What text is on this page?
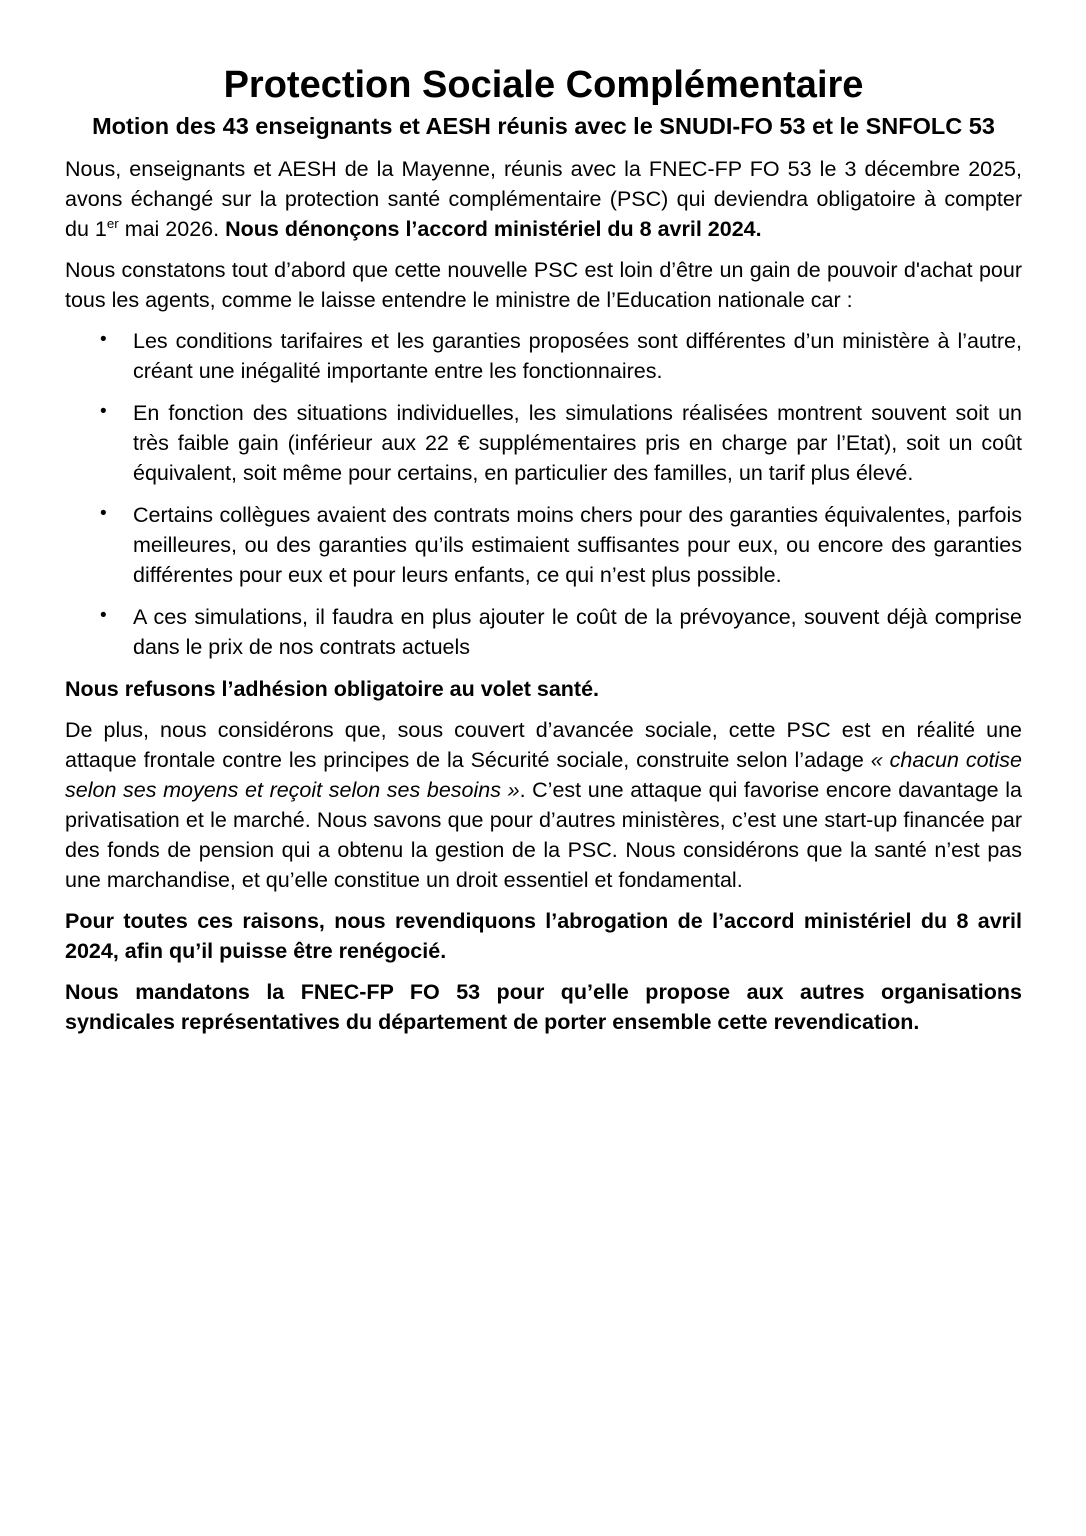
Protection Sociale Complémentaire
Motion des 43 enseignants et AESH réunis avec le SNUDI-FO 53 et le SNFOLC 53

Nous, enseignants et AESH de la Mayenne, réunis avec la FNEC-FP FO 53 le 3 décembre 2025, avons échangé sur la protection santé complémentaire (PSC) qui deviendra obligatoire à compter du 1er mai 2026. Nous dénonçons l’accord ministériel du 8 avril 2024.

Nous constatons tout d’abord que cette nouvelle PSC est loin d’être un gain de pouvoir d'achat pour tous les agents, comme le laisse entendre le ministre de l’Education nationale car :

• Les conditions tarifaires et les garanties proposées sont différentes d’un ministère à l’autre, créant une inégalité importante entre les fonctionnaires.
• En fonction des situations individuelles, les simulations réalisées montrent souvent soit un très faible gain (inférieur aux 22 € supplémentaires pris en charge par l’Etat), soit un coût équivalent, soit même pour certains, en particulier des familles, un tarif plus élevé.
• Certains collègues avaient des contrats moins chers pour des garanties équivalentes, parfois meilleures, ou des garanties qu’ils estimaient suffisantes pour eux, ou encore des garanties différentes pour eux et pour leurs enfants, ce qui n’est plus possible.
• A ces simulations, il faudra en plus ajouter le coût de la prévoyance, souvent déjà comprise dans le prix de nos contrats actuels

Nous refusons l’adhésion obligatoire au volet santé.

De plus, nous considérons que, sous couvert d’avancée sociale, cette PSC est en réalité une attaque frontale contre les principes de la Sécurité sociale, construite selon l’adage « chacun cotise selon ses moyens et reçoit selon ses besoins ». C’est une attaque qui favorise encore davantage la privatisation et le marché. Nous savons que pour d’autres ministères, c’est une start-up financée par des fonds de pension qui a obtenu la gestion de la PSC. Nous considérons que la santé n’est pas une marchandise, et qu’elle constitue un droit essentiel et fondamental.

Pour toutes ces raisons, nous revendiquons l’abrogation de l’accord ministériel du 8 avril 2024, afin qu’il puisse être renégocié.

Nous mandatons la FNEC-FP FO 53 pour qu’elle propose aux autres organisations syndicales représentatives du département de porter ensemble cette revendication.
